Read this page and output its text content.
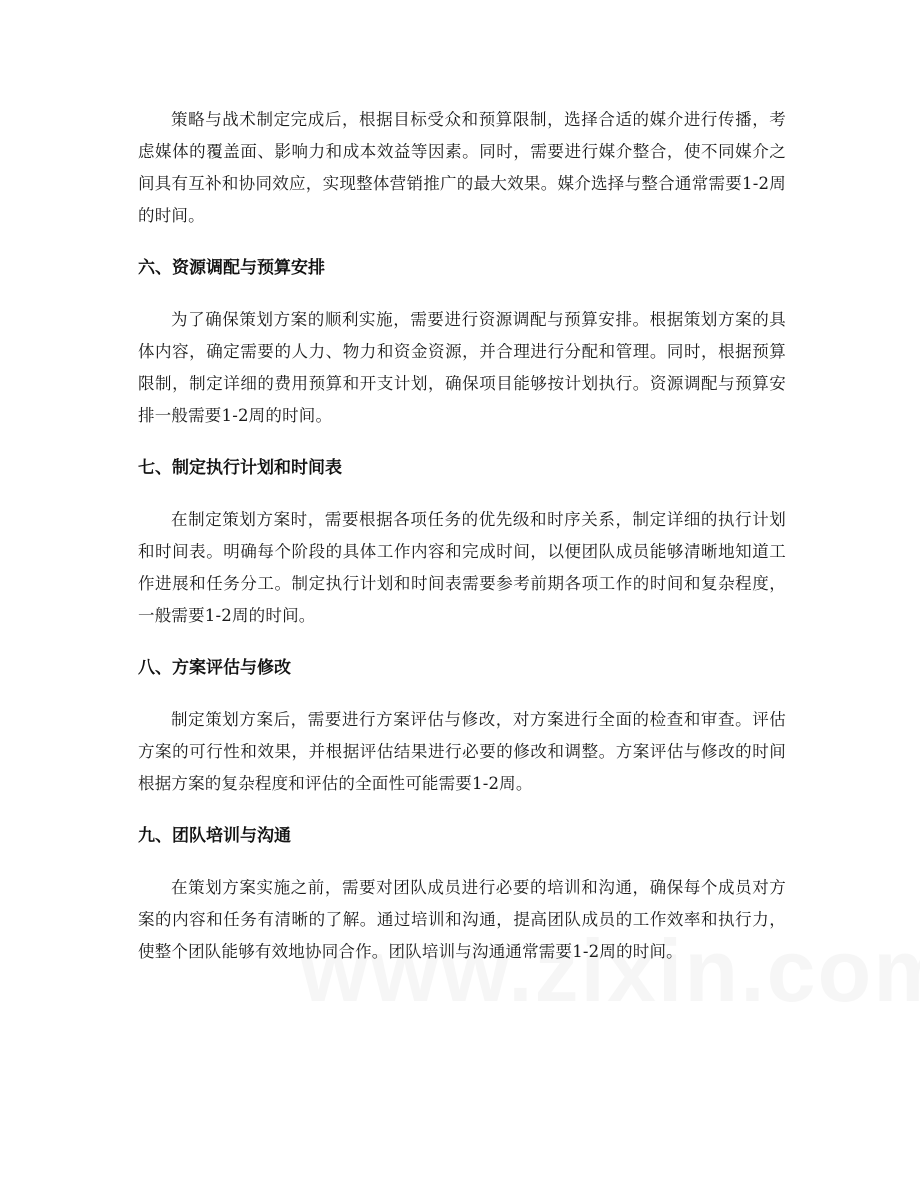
策略与战术制定完成后，根据目标受众和预算限制，选择合适的媒介进行传播，考虑媒体的覆盖面、影响力和成本效益等因素。同时，需要进行媒介整合，使不同媒介之间具有互补和协同效应，实现整体营销推广的最大效果。媒介选择与整合通常需要1-2周的时间。

六、资源调配与预算安排

为了确保策划方案的顺利实施，需要进行资源调配与预算安排。根据策划方案的具体内容，确定需要的人力、物力和资金资源，并合理进行分配和管理。同时，根据预算限制，制定详细的费用预算和开支计划，确保项目能够按计划执行。资源调配与预算安排一般需要1-2周的时间。

七、制定执行计划和时间表

在制定策划方案时，需要根据各项任务的优先级和时序关系，制定详细的执行计划和时间表。明确每个阶段的具体工作内容和完成时间，以便团队成员能够清晰地知道工作进展和任务分工。制定执行计划和时间表需要参考前期各项工作的时间和复杂程度，一般需要1-2周的时间。

八、方案评估与修改

制定策划方案后，需要进行方案评估与修改，对方案进行全面的检查和审查。评估方案的可行性和效果，并根据评估结果进行必要的修改和调整。方案评估与修改的时间根据方案的复杂程度和评估的全面性可能需要1-2周。

九、团队培训与沟通

在策划方案实施之前，需要对团队成员进行必要的培训和沟通，确保每个成员对方案的内容和任务有清晰的了解。通过培训和沟通，提高团队成员的工作效率和执行力，使整个团队能够有效地协同合作。团队培训与沟通通常需要1-2周的时间。
